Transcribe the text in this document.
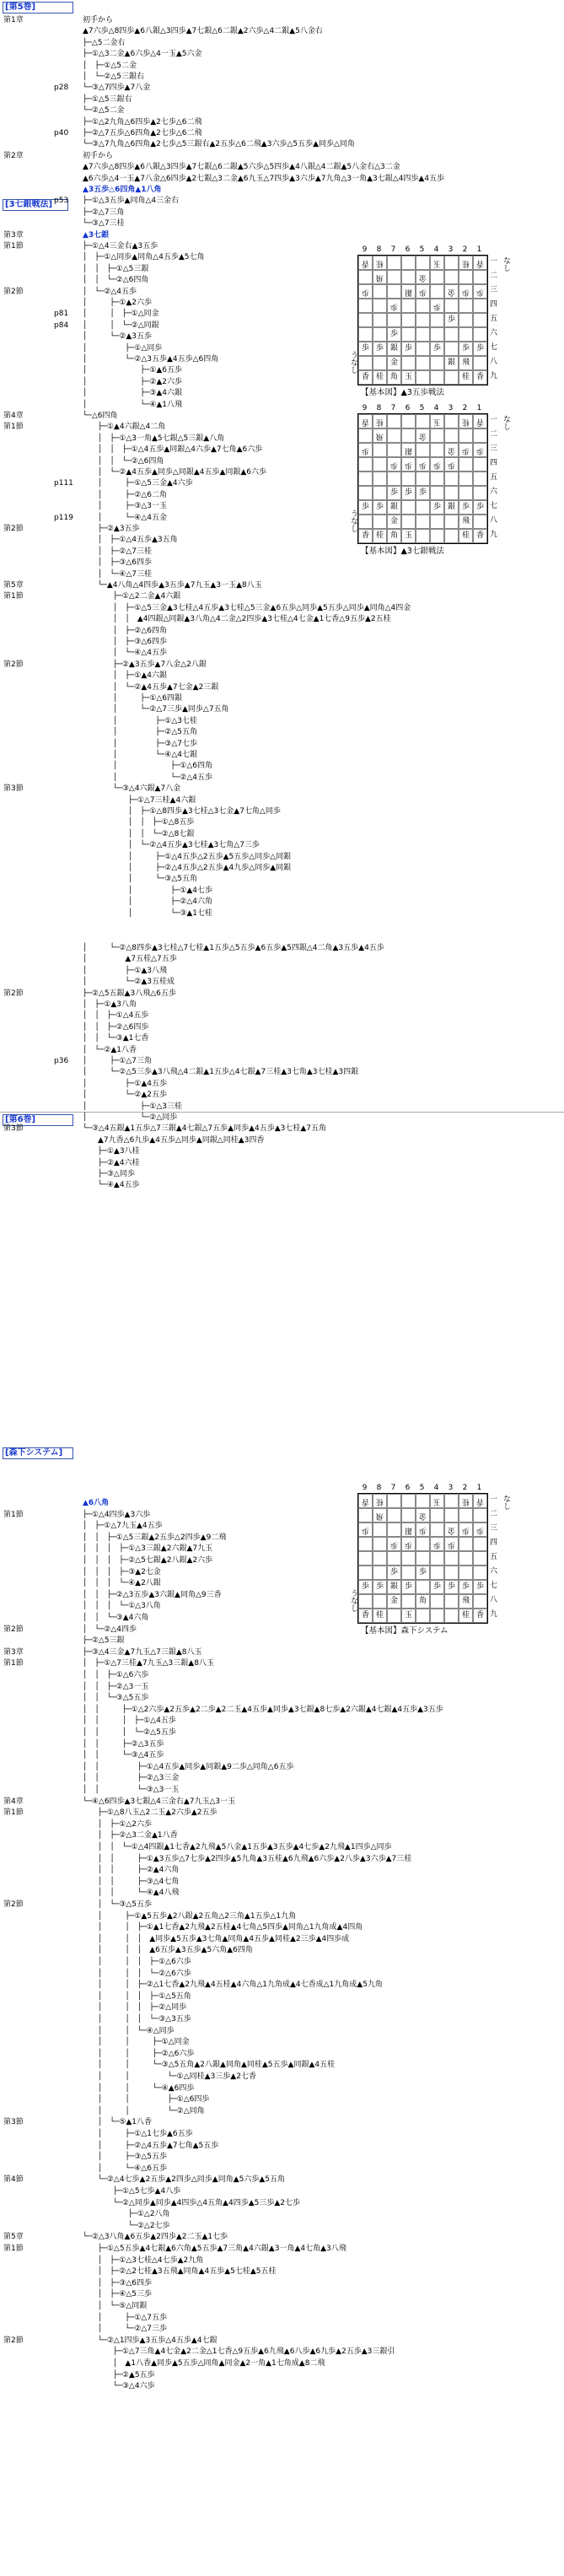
[第5巻]
[3七銀戦法]
[第6巻]
[森下システム]
第1章	初手から
▲7六歩△8四歩▲6八銀△3四歩▲7七銀△6二銀▲2六歩△4二銀▲5八金右
├─△5二金右
├─①△3二金▲6六歩△4一玉▲5六金
│　├─①△5二金
│　└─②△5三銀右
p28	└─③△7四歩▲7八金
├─①△5三銀右
└─②△5二金
├─①△2九角△6四歩▲2七歩△6二飛
p40	├─②△7五歩△6四角▲2七歩△6二飛
└─③△7九角△6四角▲2七歩△5三銀右▲2五歩△6二飛▲3六歩△5五歩▲同歩△同角
第2章	初手から
▲7六歩△8四歩▲6八銀△3四歩▲7七銀△6二銀▲5六歩△5四歩▲4八銀△4二銀▲5八金右△3二金
▲6六歩△4一玉▲7八金△6四歩▲2七銀△3二金▲6九玉△7四歩▲3六歩▲7九角△3一角▲3七銀△4四歩▲4五歩
▲3五歩△6四角▲1八角
p53	├─①△3五歩▲同角△4三金右
├─②△7三角
└─③△7三桂
第3章	▲3七銀
第1節	├─①△4三金右▲3五歩
│　├─①△同歩▲同角△4五歩▲5七角
│　│　├─①△5三銀
│　│　└─②△6四角
第2節	│　└─②△4五歩
│　　　├─①▲2六歩
p81	│　　　│　├─①△同金
p84	│　　　│　└─②△同銀
│　　　└─②▲3五歩
│　　　　　├─①△同歩
│　　　　　└─②△3五歩▲4五歩△6四角
│　　　　　　　├─①▲6五歩
│　　　　　　　├─②▲2六歩
│　　　　　　　├─③▲4六銀
│　　　　　　　└─④▲1八飛
第4章	└─△6四角
第1節	　　├─①▲4六銀△4二角
　　│　├─①△3一角▲5七銀△5三銀▲八角
　　│　│　├─①△4五歩▲同銀△4六歩▲7七角▲6六歩
　　│　│　└─②△6四角
　　│　└─②▲4五歩▲同歩△同銀▲4五歩▲同銀▲6六歩
p111	　　│　　　├─①△5三金▲4六歩
　　│　　　├─②△6二角
　　│　　　├─③△3一玉
p119	　　│　　　└─④△4五金
第2節	　　├─②▲3五歩
　　│　├─①△4五歩▲3五角
　　│　├─②△7三桂
　　│　├─③△6四歩
　　│　└─④△7三桂
第5章	　　└─▲4八角△4四歩▲3五歩▲7九玉▲3一玉▲8八玉
第1節	　　　　├─①△2二金▲4六銀
　　　　│　├─①△5三金▲3七桂△4五歩▲3七桂△5三金▲6五歩△同歩▲5五歩△同歩▲同角△4四金
　　　　│　│　▲4四銀△同銀▲3八角△4二金△2四歩▲3七桂△4七金▲1七香△9五歩▲2五桂
　　　　│　├─②△6四角
　　　　│　├─③△6四歩
　　　　│　└─④△4五歩
第2節	　　　　├─②▲3五歩▲7八金△2八銀
　　　　│　├─①▲4六銀
　　　　│　└─②▲4五歩▲7七金▲2三銀
　　　　│　　　├─①△6四銀
　　　　│　　　└─②△7三歩▲同歩△7五角
　　　　│　　　　　├─①△3七桂
　　　　│　　　　　├─②△5五角
　　　　│　　　　　├─③△7七歩
　　　　│　　　　　└─④△4七銀
　　　　│　　　　　　　├─①△6四角
　　　　│　　　　　　　└─②△4五歩
第3節	　　　　└─③△4六銀▲7八金
　　　　　　├─①△7三桂▲4六銀
　　　　　　│　├─①△8四歩▲3七桂△3七金▲7七角△同歩
　　　　　　│　│　├─①△8五歩
　　　　　　│　│　└─②△8七銀
　　　　　　│　└─②△4五歩▲3七桂▲3七角△7三歩
　　　　　　│　　　├─①△4五歩△2五歩▲5五歩△同歩△同銀
　　　　　　│　　　├─②△4五歩△2五歩▲4九歩△同歩▲同銀
　　　　　　│　　　└─③△5五角
　　　　　　│　　　　　├─①▲4七歩
　　　　　　│　　　　　├─②△4六角
　　　　　　│　　　　　└─③▲1七桂
│　　　└─②△8四歩▲3七桂△7七桂▲1五歩△5五歩▲6五歩▲5四銀△4二角▲3五歩▲4五歩
│　　　　　▲7五桂△7五歩
│　　　　　├─①▲3八飛
│　　　　　└─②▲3五桂成
第2節	├─②△5五銀▲3八飛△6五歩
│　├─①▲3八角
│　│　├─①△4五歩
│　│　├─②△6四歩
│　│　└─③▲1七香
│　└─②▲1八香
p36	│　　　├─①△7三角
│　　　└─②△5三歩▲3八飛△4二銀▲1五歩△4七銀▲7三桂▲3七角▲3七桂▲3四銀
│　　　　　├─①▲4五歩
│　　　　　└─②▲2五歩
│　　　　　　　├─①△3三桂
│　　　　　　　└─②△同歩
第3節	└─③△4五銀▲1五歩△7三銀▲4七銀△7五歩▲同歩▲4五歩▲3七桂▲7五角
　　▲7九香△6九歩▲4五歩△同歩▲同銀△同桂▲3四香
　　├─①▲3八桂
　　├─②▲4六桂
　　├─③△同歩
　　└─④▲4五歩
▲6八角
第1節	├─①△4四歩▲3六歩
│　├─①△7九玉▲4五歩
│　│　├─①△5三銀▲2五歩△2四歩▲9二飛
│　│　│　├─①△3三銀▲2六銀▲7九玉
│　│　│　├─②△5七銀▲2八銀▲2六歩
│　│　│　├─③▲2七金
│　│　│　└─④▲2八銀
│　│　├─②△3五歩▲3六銀▲同角△9三香
│　│　│　└─①△3八角
│　│　└─③▲4六角
第2節	│　└─②△4四歩
├─②△5三銀
第3章	├─③△4三金▲7九玉△7三銀▲8八玉
第1節	│　├─①△7三桂▲7九玉△3三銀▲8八玉
│　│　├─①△6六歩
│　│　├─②△3一玉
│　│　└─③△5五歩
│　│　　　├─①△2六歩▲2五歩▲2二歩▲2二玉▲4五歩▲同歩▲3七銀▲8七歩▲2六銀▲4七銀▲4五歩▲3五歩
│　│　　　│　├─①△4五歩
│　│　　　│　└─②△5五歩
│　│　　　├─②△3五歩
│　│　　　└─③△4五歩
│　│　　　　　├─①△4五歩▲同歩▲同銀▲9二歩△同角△6五歩
│　│　　　　　├─②△3三金
│　│　　　　　└─③△3一玉
第4章	└─④△6四歩▲3七銀△4三金右▲7九玉△3一玉
第1節	　　├─①△8八玉△2二玉▲2六歩▲2五歩
　　│　├─①△2六歩
　　│　├─②△3二金▲1八香
　　│　│　└─①△4四銀▲1七香▲2九飛▲5八金▲1五歩▲3五歩▲4七歩▲2九飛▲1四歩△同歩
　　│　│　　　├─①▲3五歩△7七歩▲2四歩▲5九角▲3五桂▲6九飛▲6六歩▲2八歩▲3六歩▲7三桂
　　│　│　　　├─②▲4六角
　　│　│　　　├─③△4七角
　　│　│　　　└─④▲4八飛
第2節	　　│　└─③△5五歩
　　│　　　├─①▲5五歩▲2八銀▲2五角△2三角▲1五歩△1九角
　　│　　　│　├─①▲1七香▲2九飛▲2五桂▲4七角△5四歩▲同角△1九角成▲4四角
　　│　　　│　│　▲同歩▲5五歩▲3七角▲同角▲4五歩▲同桂▲2三歩▲4四歩成
　　│　　　│　│　▲6五歩▲3五歩▲5六角▲6四角
　　│　　　│　│　├─①△6六歩
　　│　　　│　│　└─②△6六歩
　　│　　　│　├─②△1七香▲2九飛▲4五桂▲4六角△1九角成▲4七香成△1九角成▲5九角
　　│　　　│　│　├─①△5五角
　　│　　　│　│　├─②△同歩
　　│　　　│　│　└─③△3五歩
　　│　　　│　└─④△同歩
　　│　　　│　　　├─①△同金
　　│　　　│　　　├─②△6六歩
　　│　　　│　　　└─③△5五角▲2八銀▲同角▲同桂▲5五歩▲同銀▲4五桂
　　│　　　│　　　　　└─①△同桂▲3三歩▲2七香
　　│　　　│　　　└─④▲6四歩
　　│　　　│　　　　　├─①△6四歩
　　│　　　│　　　　　└─②△同角
第3節	　　│　└─⑤▲1八香
　　│　　　├─①△1七歩▲6五歩
　　│　　　├─②△4五歩▲7七角▲5五歩
　　│　　　├─③△5五歩
　　│　　　└─④△6五歩
第4節	　　└─②△4七歩▲2五歩▲2四歩△同歩▲同角▲5六歩▲5五角
　　　　├─①△5七歩▲4八歩
　　　　└─②△同歩▲同歩▲4四歩△4五角▲4四歩▲5三歩▲2七歩
　　　　　　├─①△2八角
　　　　　　└─②△2七歩
第5章	└─②△3八角▲6五歩▲2四歩▲2二玉▲1七歩
第1節	　　├─①△5五歩▲4七銀▲6六角▲5五歩▲7三角▲4六銀▲3一角▲4七角▲3八飛
　　│　├─①△3七桂△4七歩▲2九角
　　│　├─②△2七桂▲3五飛▲同角▲4五歩▲5七桂▲5五桂
　　│　├─③△6四歩
　　│　├─④△5三歩
　　│　└─⑤△同銀
　　│　　　├─①△7五歩
　　│　　　└─②△7三歩
第2節	　　└─②△1四歩▲3五歩△4五歩▲4七銀
　　　　├─①△7三角▲4七金▲2二金△1七香△9五歩▲6九飛▲6八歩▲6九歩▲2五歩▲3三銀引
　　　　│　▲1八香▲同歩▲5五歩△同角▲同金▲2一角▲1七角成▲8二飛
　　　　├─②▲5五歩
　　　　└─③△4六歩
9	8	7	6	5	4	3	2	1
うなし
香 桂	玉	桂 香
飛	金
歩	銀 歩	金 歩 歩
歩	歩
歩
歩
歩 歩 銀 歩	歩	歩 歩
金	銀 飛
香 桂 角 玉	桂 香
一
二
三
四
五
六
七
八
九
なし
【基本図】▲3五歩戦法
9	8	7	6	5	4	3	2	1
うなし
香 桂	玉	桂 香
飛	金
歩	銀	金 歩 歩
歩 歩 歩 歩 歩
歩 歩 歩
歩 歩 銀	歩 銀 歩 歩
金	飛
香 桂 角 玉	桂 香
一
二
三
四
五
六
七
八
九
なし
【基本図】▲3七銀戦法
9	8	7	6	5	4	3	2	1
うなし
香 桂	玉	桂 香
飛	金
歩	銀 歩	金 歩 歩
歩 歩	歩 歩
歩	歩
歩 歩 銀 歩	歩 歩 歩 歩
金	角	飛
香 桂	玉	桂 香
一
二
三
四
五
六
七
八
九
なし
【基本図】森下システム
